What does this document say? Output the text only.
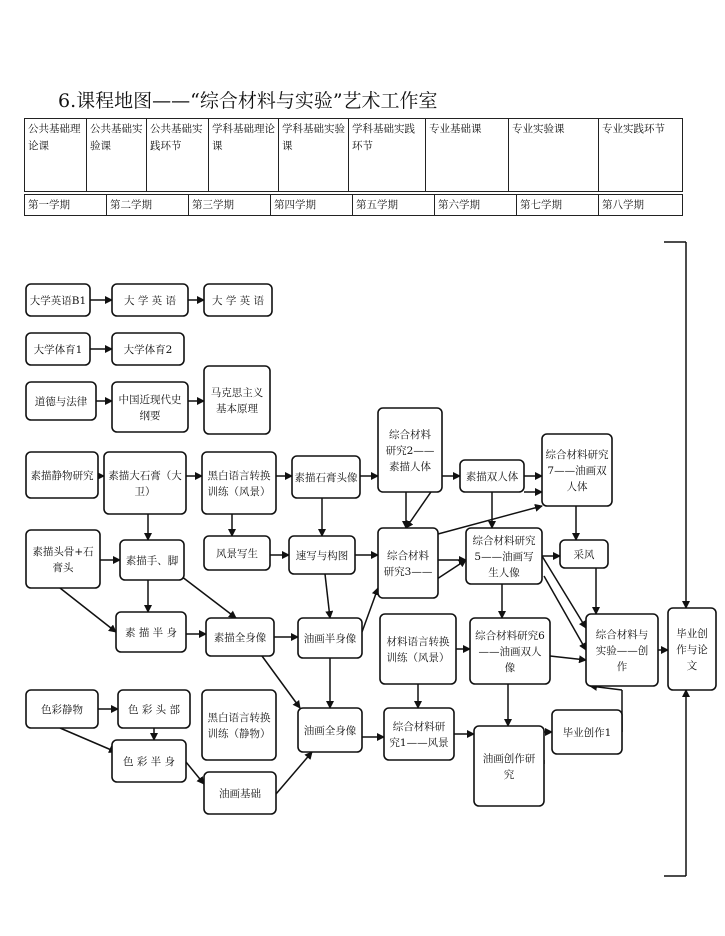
6.课程地图——“综合材料与实验”艺术工作室
公共基础理论课	公共基础实验课	公共基础实践环节	学科基础理论课	学科基础实验课	学科基础实践环节	专业基础课	专业实验课	专业实践环节
第一学期	第二学期	第三学期	第四学期	第五学期	第六学期	第七学期	第八学期
大学英语B1	大 学 英 语	大 学 英 语
大学体育1	大学体育2
道德与法律	中国近现代史
纲要
马克思主义
基本原理
素描静物研究 素描大石膏（大
卫）
黑白语言转换
训练（风景）
素描石膏头像
综合材料
研究2——
素描人体
素描双人体
综合材料研究
7——油画双
人体
素描头骨+石
膏头
素描手、脚
风景写生	速写与构图	综合材料
研究3——
综合材料研究
5——油画写
生人像
采风
素 描 半 身	素描全身像	油画半身像	材料语言转换
训练（风景）
综合材料研究6
——油画双人
像
综合材料与
实验——创
作
毕业创
作与论
文
色彩静物	色 彩 头 部
黑白语言转换
训练（静物）	油画全身像	综合材料研
究1——风景
油画创作研
究
毕业创作1
色 彩 半 身
油画基础
